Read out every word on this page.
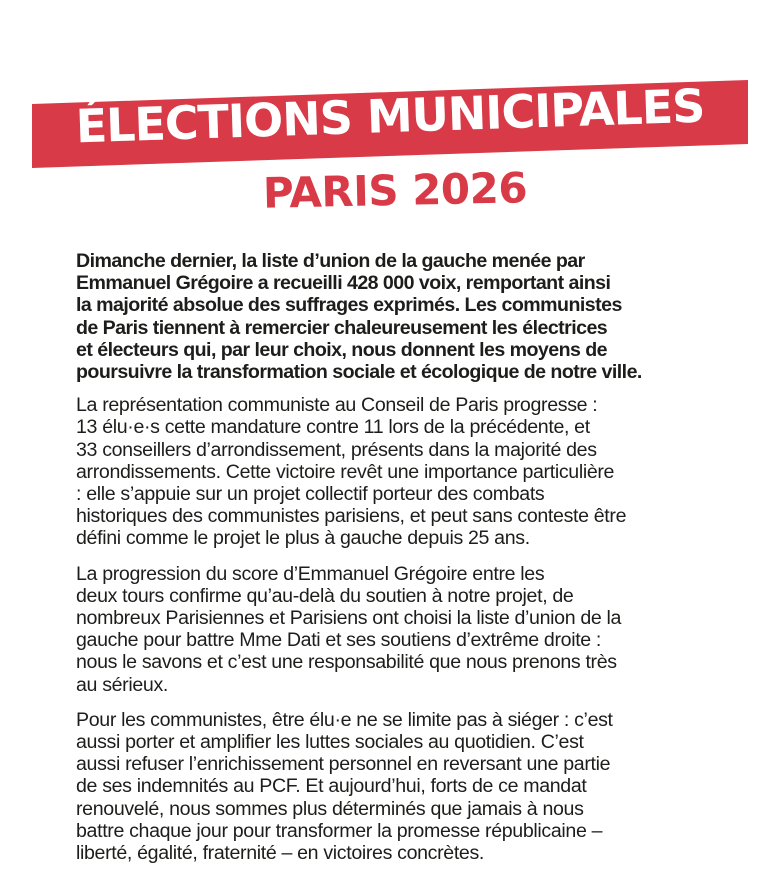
ÉLECTIONS MUNICIPALES
PARIS 2026

Dimanche dernier, la liste d’union de la gauche menée par
Emmanuel Grégoire a recueilli 428 000 voix, remportant ainsi
la majorité absolue des suffrages exprimés. Les communistes
de Paris tiennent à remercier chaleureusement les électrices
et électeurs qui, par leur choix, nous donnent les moyens de
poursuivre la transformation sociale et écologique de notre ville.

La représentation communiste au Conseil de Paris progresse :
13 élu·e·s cette mandature contre 11 lors de la précédente, et
33 conseillers d’arrondissement, présents dans la majorité des
arrondissements. Cette victoire revêt une importance particulière
: elle s’appuie sur un projet collectif porteur des combats
historiques des communistes parisiens, et peut sans conteste être
défini comme le projet le plus à gauche depuis 25 ans.

La progression du score d’Emmanuel Grégoire entre les
deux tours confirme qu’au-delà du soutien à notre projet, de
nombreux Parisiennes et Parisiens ont choisi la liste d’union de la
gauche pour battre Mme Dati et ses soutiens d’extrême droite :
nous le savons et c’est une responsabilité que nous prenons très
au sérieux.

Pour les communistes, être élu·e ne se limite pas à siéger : c’est
aussi porter et amplifier les luttes sociales au quotidien. C’est
aussi refuser l’enrichissement personnel en reversant une partie
de ses indemnités au PCF. Et aujourd’hui, forts de ce mandat
renouvelé, nous sommes plus déterminés que jamais à nous
battre chaque jour pour transformer la promesse républicaine –
liberté, égalité, fraternité – en victoires concrètes.
